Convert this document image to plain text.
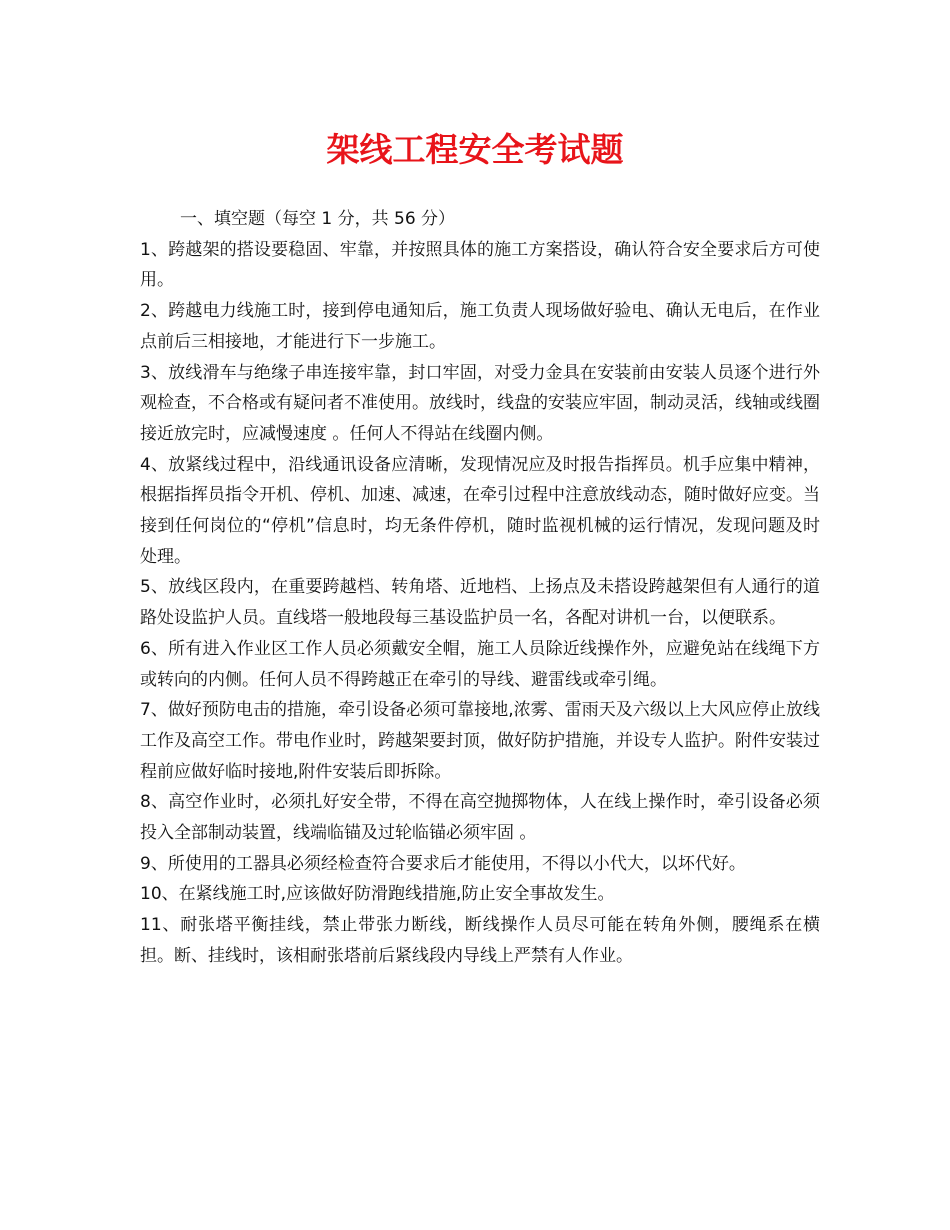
架线工程安全考试题

一、填空题（每空 1 分，共 56 分）

1、跨越架的搭设要稳固、牢靠，并按照具体的施工方案搭设，确认符合安全要求后方可使用。

2、跨越电力线施工时，接到停电通知后，施工负责人现场做好验电、确认无电后，在作业点前后三相接地，才能进行下一步施工。

3、放线滑车与绝缘子串连接牢靠，封口牢固，对受力金具在安装前由安装人员逐个进行外观检查，不合格或有疑问者不准使用。放线时，线盘的安装应牢固，制动灵活，线轴或线圈接近放完时，应减慢速度 。任何人不得站在线圈内侧。

4、放紧线过程中，沿线通讯设备应清晰，发现情况应及时报告指挥员。机手应集中精神，根据指挥员指令开机、停机、加速、减速，在牵引过程中注意放线动态，随时做好应变。当接到任何岗位的“停机”信息时，均无条件停机，随时监视机械的运行情况，发现问题及时处理。

5、放线区段内，在重要跨越档、转角塔、近地档、上扬点及未搭设跨越架但有人通行的道路处设监护人员。直线塔一般地段每三基设监护员一名，各配对讲机一台，以便联系。

6、所有进入作业区工作人员必须戴安全帽，施工人员除近线操作外，应避免站在线绳下方或转向的内侧。任何人员不得跨越正在牵引的导线、避雷线或牵引绳。

7、做好预防电击的措施，牵引设备必须可靠接地,浓雾、雷雨天及六级以上大风应停止放线工作及高空工作。带电作业时，跨越架要封顶，做好防护措施，并设专人监护。附件安装过程前应做好临时接地,附件安装后即拆除。

8、高空作业时，必须扎好安全带，不得在高空抛掷物体，人在线上操作时，牵引设备必须投入全部制动装置，线端临锚及过轮临锚必须牢固 。

9、所使用的工器具必须经检查符合要求后才能使用，不得以小代大，以坏代好。

10、在紧线施工时,应该做好防滑跑线措施,防止安全事故发生。

11、耐张塔平衡挂线，禁止带张力断线，断线操作人员尽可能在转角外侧，腰绳系在横担。断、挂线时，该相耐张塔前后紧线段内导线上严禁有人作业。
